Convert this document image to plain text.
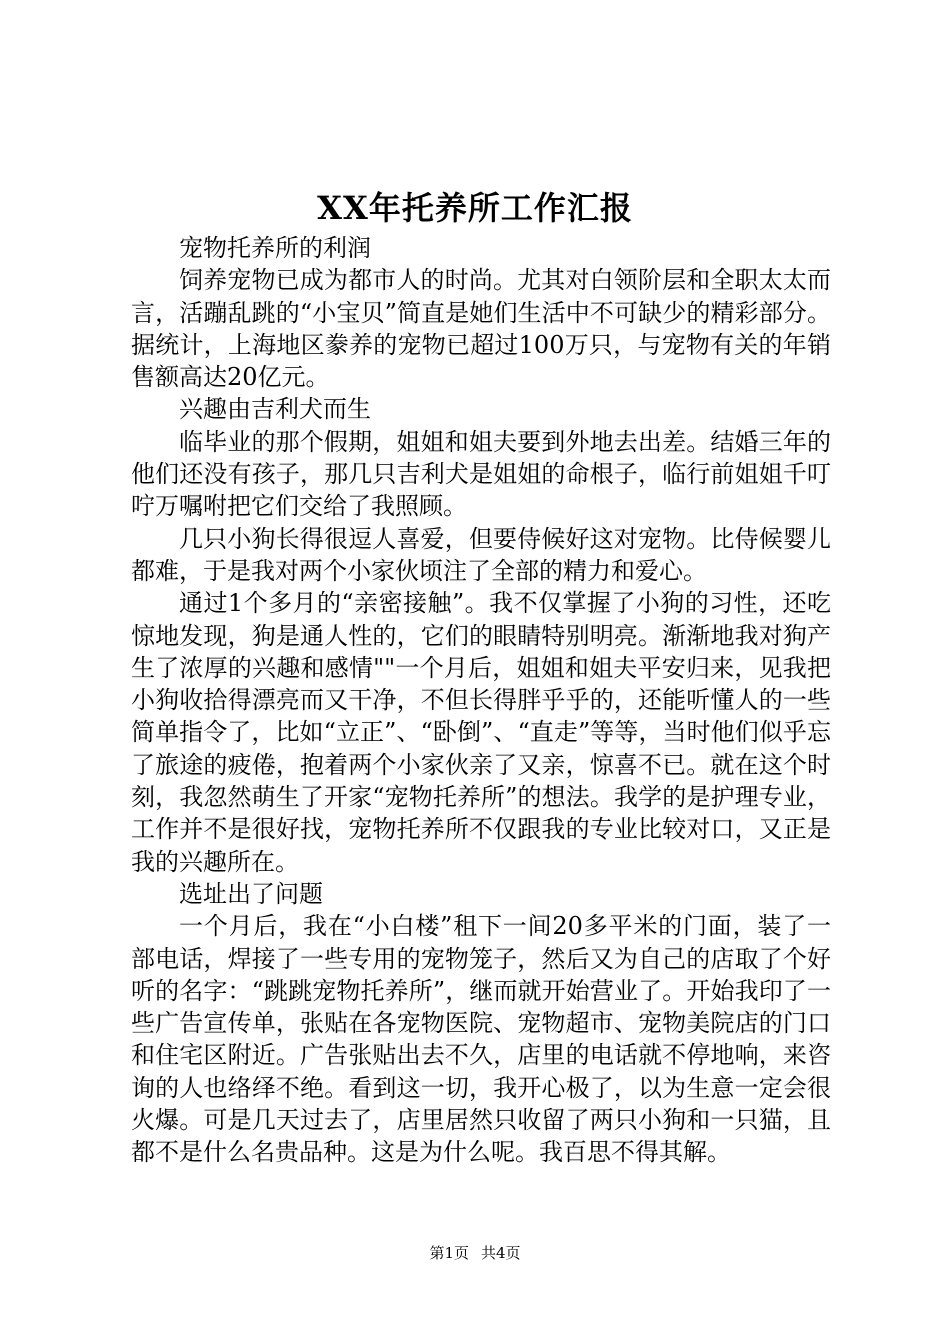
XX年托养所工作汇报

宠物托养所的利润

饲养宠物已成为都市人的时尚。尤其对白领阶层和全职太太而言，活蹦乱跳的“小宝贝”简直是她们生活中不可缺少的精彩部分。据统计，上海地区豢养的宠物已超过100万只，与宠物有关的年销售额高达20亿元。

兴趣由吉利犬而生

临毕业的那个假期，姐姐和姐夫要到外地去出差。结婚三年的他们还没有孩子，那几只吉利犬是姐姐的命根子，临行前姐姐千叮咛万嘱咐把它们交给了我照顾。

几只小狗长得很逗人喜爱，但要侍候好这对宠物。比侍候婴儿都难，于是我对两个小家伙顷注了全部的精力和爱心。

通过1个多月的“亲密接触”。我不仅掌握了小狗的习性，还吃惊地发现，狗是通人性的，它们的眼睛特别明亮。渐渐地我对狗产生了浓厚的兴趣和感情""一个月后，姐姐和姐夫平安归来，见我把小狗收拾得漂亮而又干净，不但长得胖乎乎的，还能听懂人的一些简单指令了，比如“立正”、“卧倒”、“直走”等等，当时他们似乎忘了旅途的疲倦，抱着两个小家伙亲了又亲，惊喜不已。就在这个时刻，我忽然萌生了开家“宠物托养所”的想法。我学的是护理专业，工作并不是很好找，宠物托养所不仅跟我的专业比较对口，又正是我的兴趣所在。

选址出了问题

一个月后，我在“小白楼”租下一间20多平米的门面，装了一部电话，焊接了一些专用的宠物笼子，然后又为自己的店取了个好听的名字：“跳跳宠物托养所”，继而就开始营业了。开始我印了一些广告宣传单，张贴在各宠物医院、宠物超市、宠物美院店的门口和住宅区附近。广告张贴出去不久，店里的电话就不停地响，来咨询的人也络绎不绝。看到这一切，我开心极了，以为生意一定会很火爆。可是几天过去了，店里居然只收留了两只小狗和一只猫，且都不是什么名贵品种。这是为什么呢。我百思不得其解。

第1页 共4页
